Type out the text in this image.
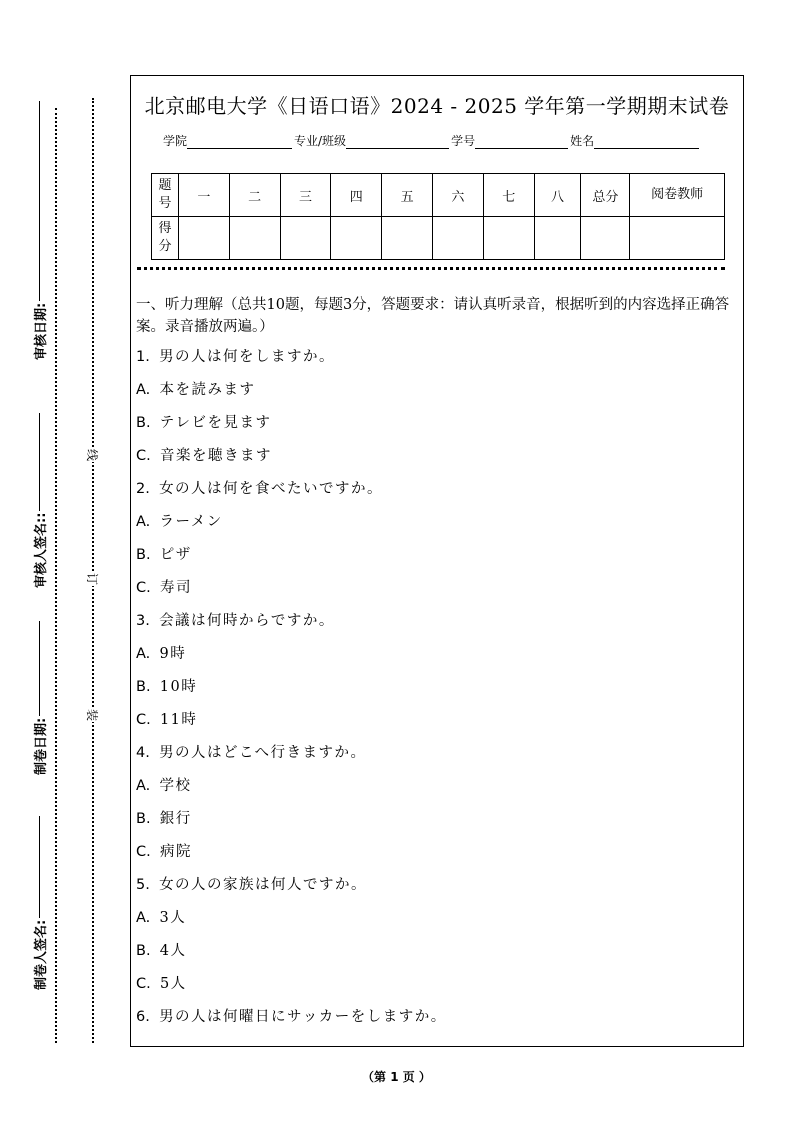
审核日期:
审核人签名::
制卷日期:
制卷人签名:
线
订
装
北京邮电大学《日语口语》2024 - 2025 学年第一学期期末试卷
学院	专业/班级	学号	姓名
题号	一	二	三	四	五	六	七	八	总分	阅卷教师
得分										
一、听力理解（总共10题，每题3分，答题要求：请认真听录音，根据听到的内容选择正确答案。录音播放两遍。）
1. 男の人は何をしますか。
A. 本を読みます
B. テレビを見ます
C. 音楽を聴きます
2. 女の人は何を食べたいですか。
A. ラーメン
B. ピザ
C. 寿司
3. 会議は何時からですか。
A. 9時
B. 10時
C. 11時
4. 男の人はどこへ行きますか。
A. 学校
B. 銀行
C. 病院
5. 女の人の家族は何人ですか。
A. 3人
B. 4人
C. 5人
6. 男の人は何曜日にサッカーをしますか。
（第 1 页 ）
